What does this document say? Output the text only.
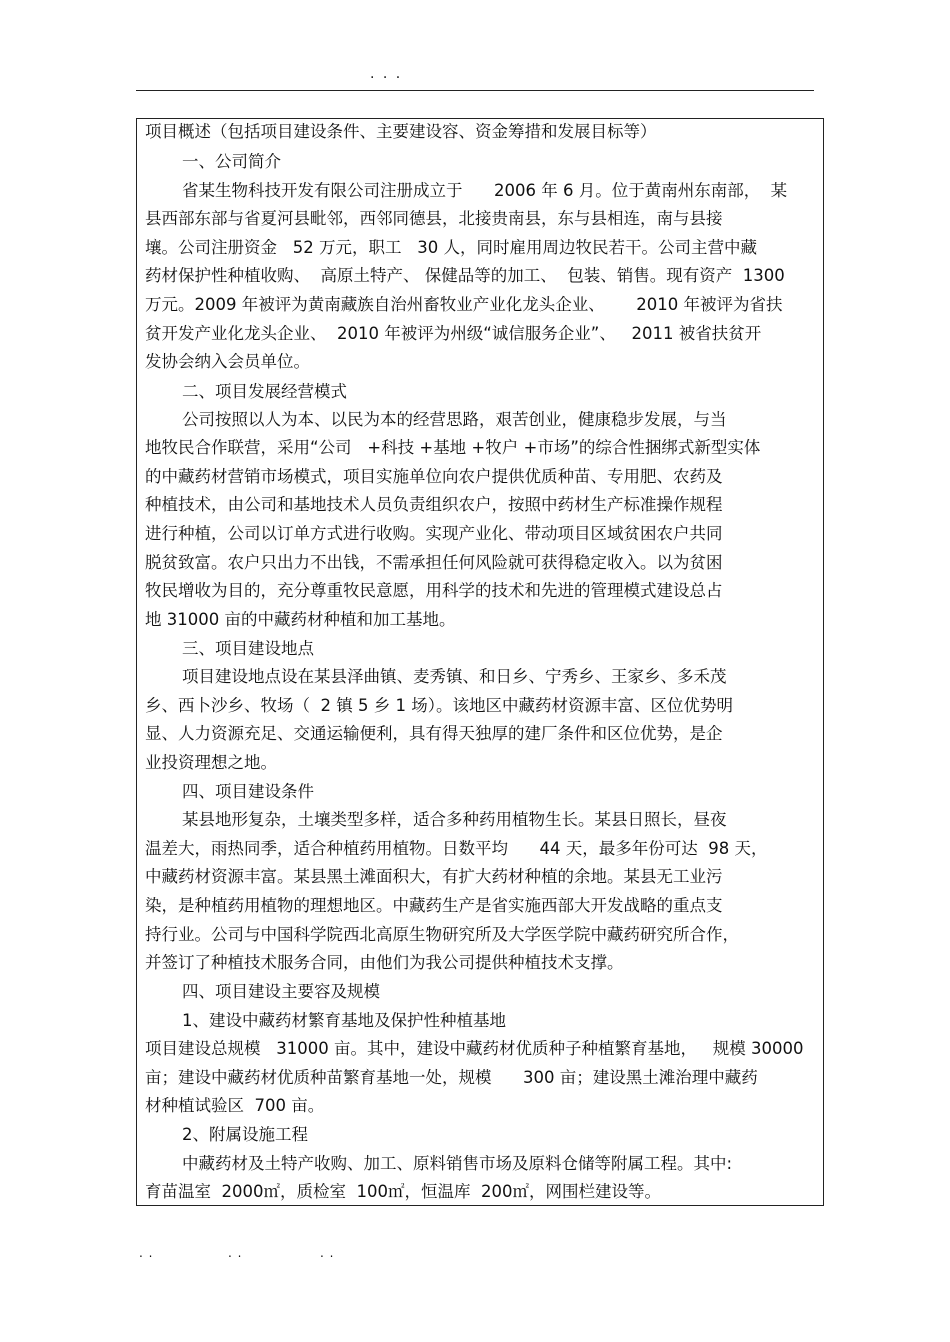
. . .
项目概述（包括项目建设条件、主要建设容、资金筹措和发展目标等）
一、公司简介
省某生物科技开发有限公司注册成立于      2006 年 6 月。位于黄南州东南部，  某
县西部东部与省夏河县毗邻，西邻同德县，北接贵南县，东与县相连，南与县接
壤。公司注册资金   52 万元，职工   30 人，同时雇用周边牧民若干。公司主营中藏
药材保护性种植收购、  高原土特产、 保健品等的加工、  包装、销售。现有资产  1300
万元。2009 年被评为黄南藏族自治州畜牧业产业化龙头企业、      2010 年被评为省扶
贫开发产业化龙头企业、  2010 年被评为州级“诚信服务企业”、   2011 被省扶贫开
发协会纳入会员单位。
二、项目发展经营模式
公司按照以人为本、以民为本的经营思路，艰苦创业，健康稳步发展，与当
地牧民合作联营，采用“公司   +科技 +基地 +牧户 +市场”的综合性捆绑式新型实体
的中藏药材营销市场模式，项目实施单位向农户提供优质种苗、专用肥、农药及
种植技术，由公司和基地技术人员负责组织农户，按照中药材生产标准操作规程
进行种植，公司以订单方式进行收购。实现产业化、带动项目区域贫困农户共同
脱贫致富。农户只出力不出钱，不需承担任何风险就可获得稳定收入。以为贫困
牧民增收为目的，充分尊重牧民意愿，用科学的技术和先进的管理模式建设总占
地 31000 亩的中藏药材种植和加工基地。
三、项目建设地点
项目建设地点设在某县泽曲镇、麦秀镇、和日乡、宁秀乡、王家乡、多禾茂
乡、西卜沙乡、牧场（  2 镇 5 乡 1 场）。该地区中藏药材资源丰富、区位优势明
显、人力资源充足、交通运输便利，具有得天独厚的建厂条件和区位优势，是企
业投资理想之地。
四、项目建设条件
某县地形复杂，土壤类型多样，适合多种药用植物生长。某县日照长，昼夜
温差大，雨热同季，适合种植药用植物。日数平均      44 天，最多年份可达  98 天，
中藏药材资源丰富。某县黑土滩面积大，有扩大药材种植的余地。某县无工业污
染，是种植药用植物的理想地区。中藏药生产是省实施西部大开发战略的重点支
持行业。公司与中国科学院西北高原生物研究所及大学医学院中藏药研究所合作，
并签订了种植技术服务合同，由他们为我公司提供种植技术支撑。
四、项目建设主要容及规模
1、建设中藏药材繁育基地及保护性种植基地
项目建设总规模   31000 亩。其中，建设中藏药材优质种子种植繁育基地，   规模 30000
亩；建设中藏药材优质种苗繁育基地一处，规模      300 亩；建设黑土滩治理中藏药
材种植试验区  700 亩。
2、附属设施工程
中藏药材及土特产收购、加工、原料销售市场及原料仓储等附属工程。其中:
育苗温室  2000㎡，质检室  100㎡，恒温库  200㎡，网围栏建设等。
. .	. .	. .
